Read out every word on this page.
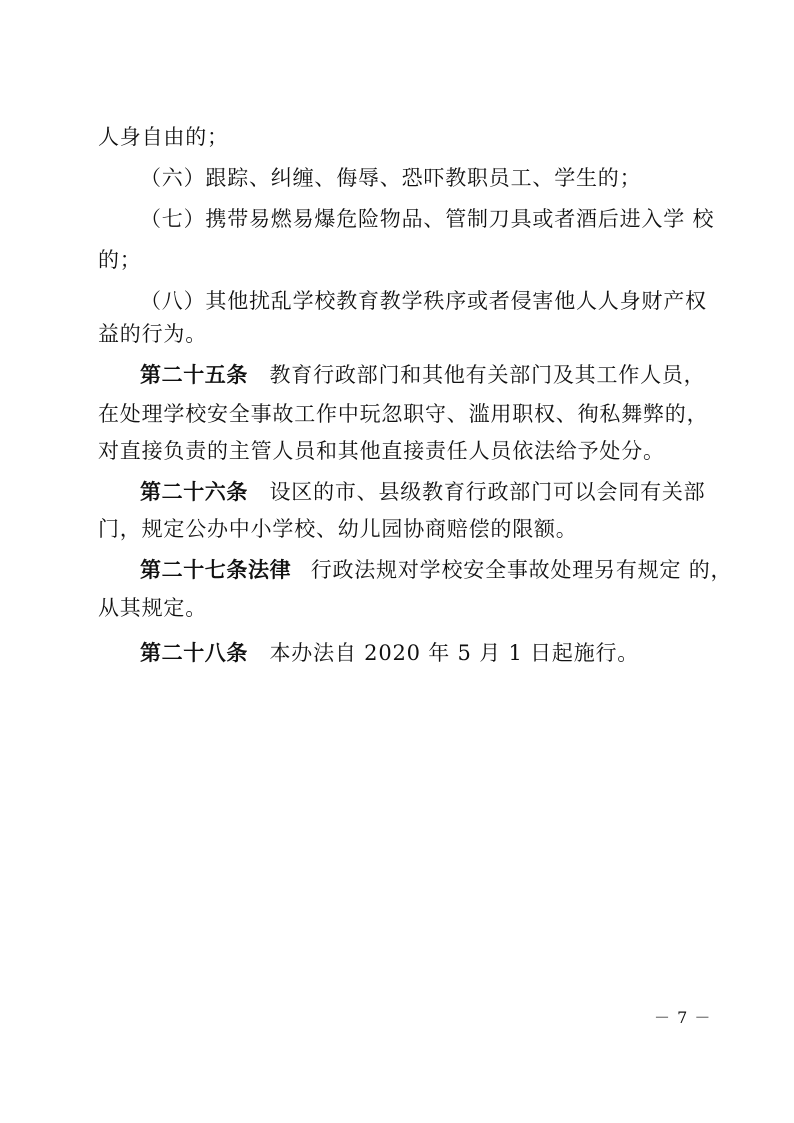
人身自由的；
（六）跟踪、纠缠、侮辱、恐吓教职员工、学生的；
（七）携带易燃易爆危险物品、管制刀具或者酒后进入学 校
的；
（八）其他扰乱学校教育教学秩序或者侵害他人人身财产权
益的行为。
第二十五条 教育行政部门和其他有关部门及其工作人员，
在处理学校安全事故工作中玩忽职守、滥用职权、徇私舞弊的，
对直接负责的主管人员和其他直接责任人员依法给予处分。
第二十六条 设区的市、县级教育行政部门可以会同有关部
门，规定公办中小学校、幼儿园协商赔偿的限额。
第二十七条法律 行政法规对学校安全事故处理另有规定 的，
从其规定。
第二十八条 本办法自 2020 年 5 月 1 日起施行。
－ 7 －
